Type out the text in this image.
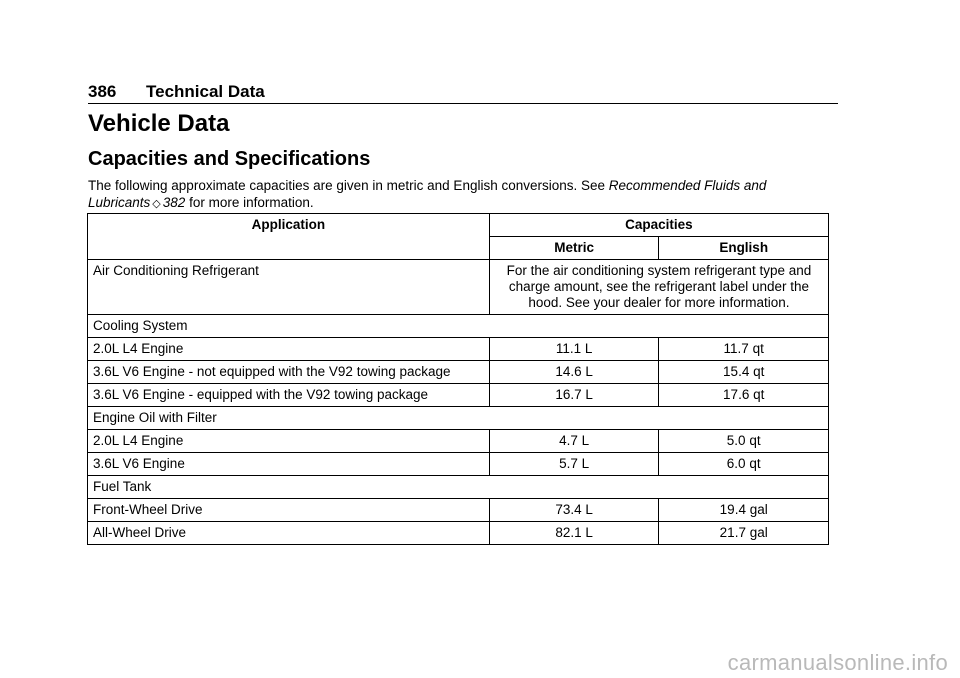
386 Technical Data
Vehicle Data
Capacities and Specifications
The following approximate capacities are given in metric and English conversions. See Recommended Fluids and Lubricants ◇ 382 for more information.
Application	Capacities	
	Metric	English
Air Conditioning Refrigerant	For the air conditioning system refrigerant type and charge amount, see the refrigerant label under the hood. See your dealer for more information.	
Cooling System		
2.0L L4 Engine	11.1 L	11.7 qt
3.6L V6 Engine - not equipped with the V92 towing package	14.6 L	15.4 qt
3.6L V6 Engine - equipped with the V92 towing package	16.7 L	17.6 qt
Engine Oil with Filter		
2.0L L4 Engine	4.7 L	5.0 qt
3.6L V6 Engine	5.7 L	6.0 qt
Fuel Tank		
Front-Wheel Drive	73.4 L	19.4 gal
All-Wheel Drive	82.1 L	21.7 gal
carmanualsonline.info
